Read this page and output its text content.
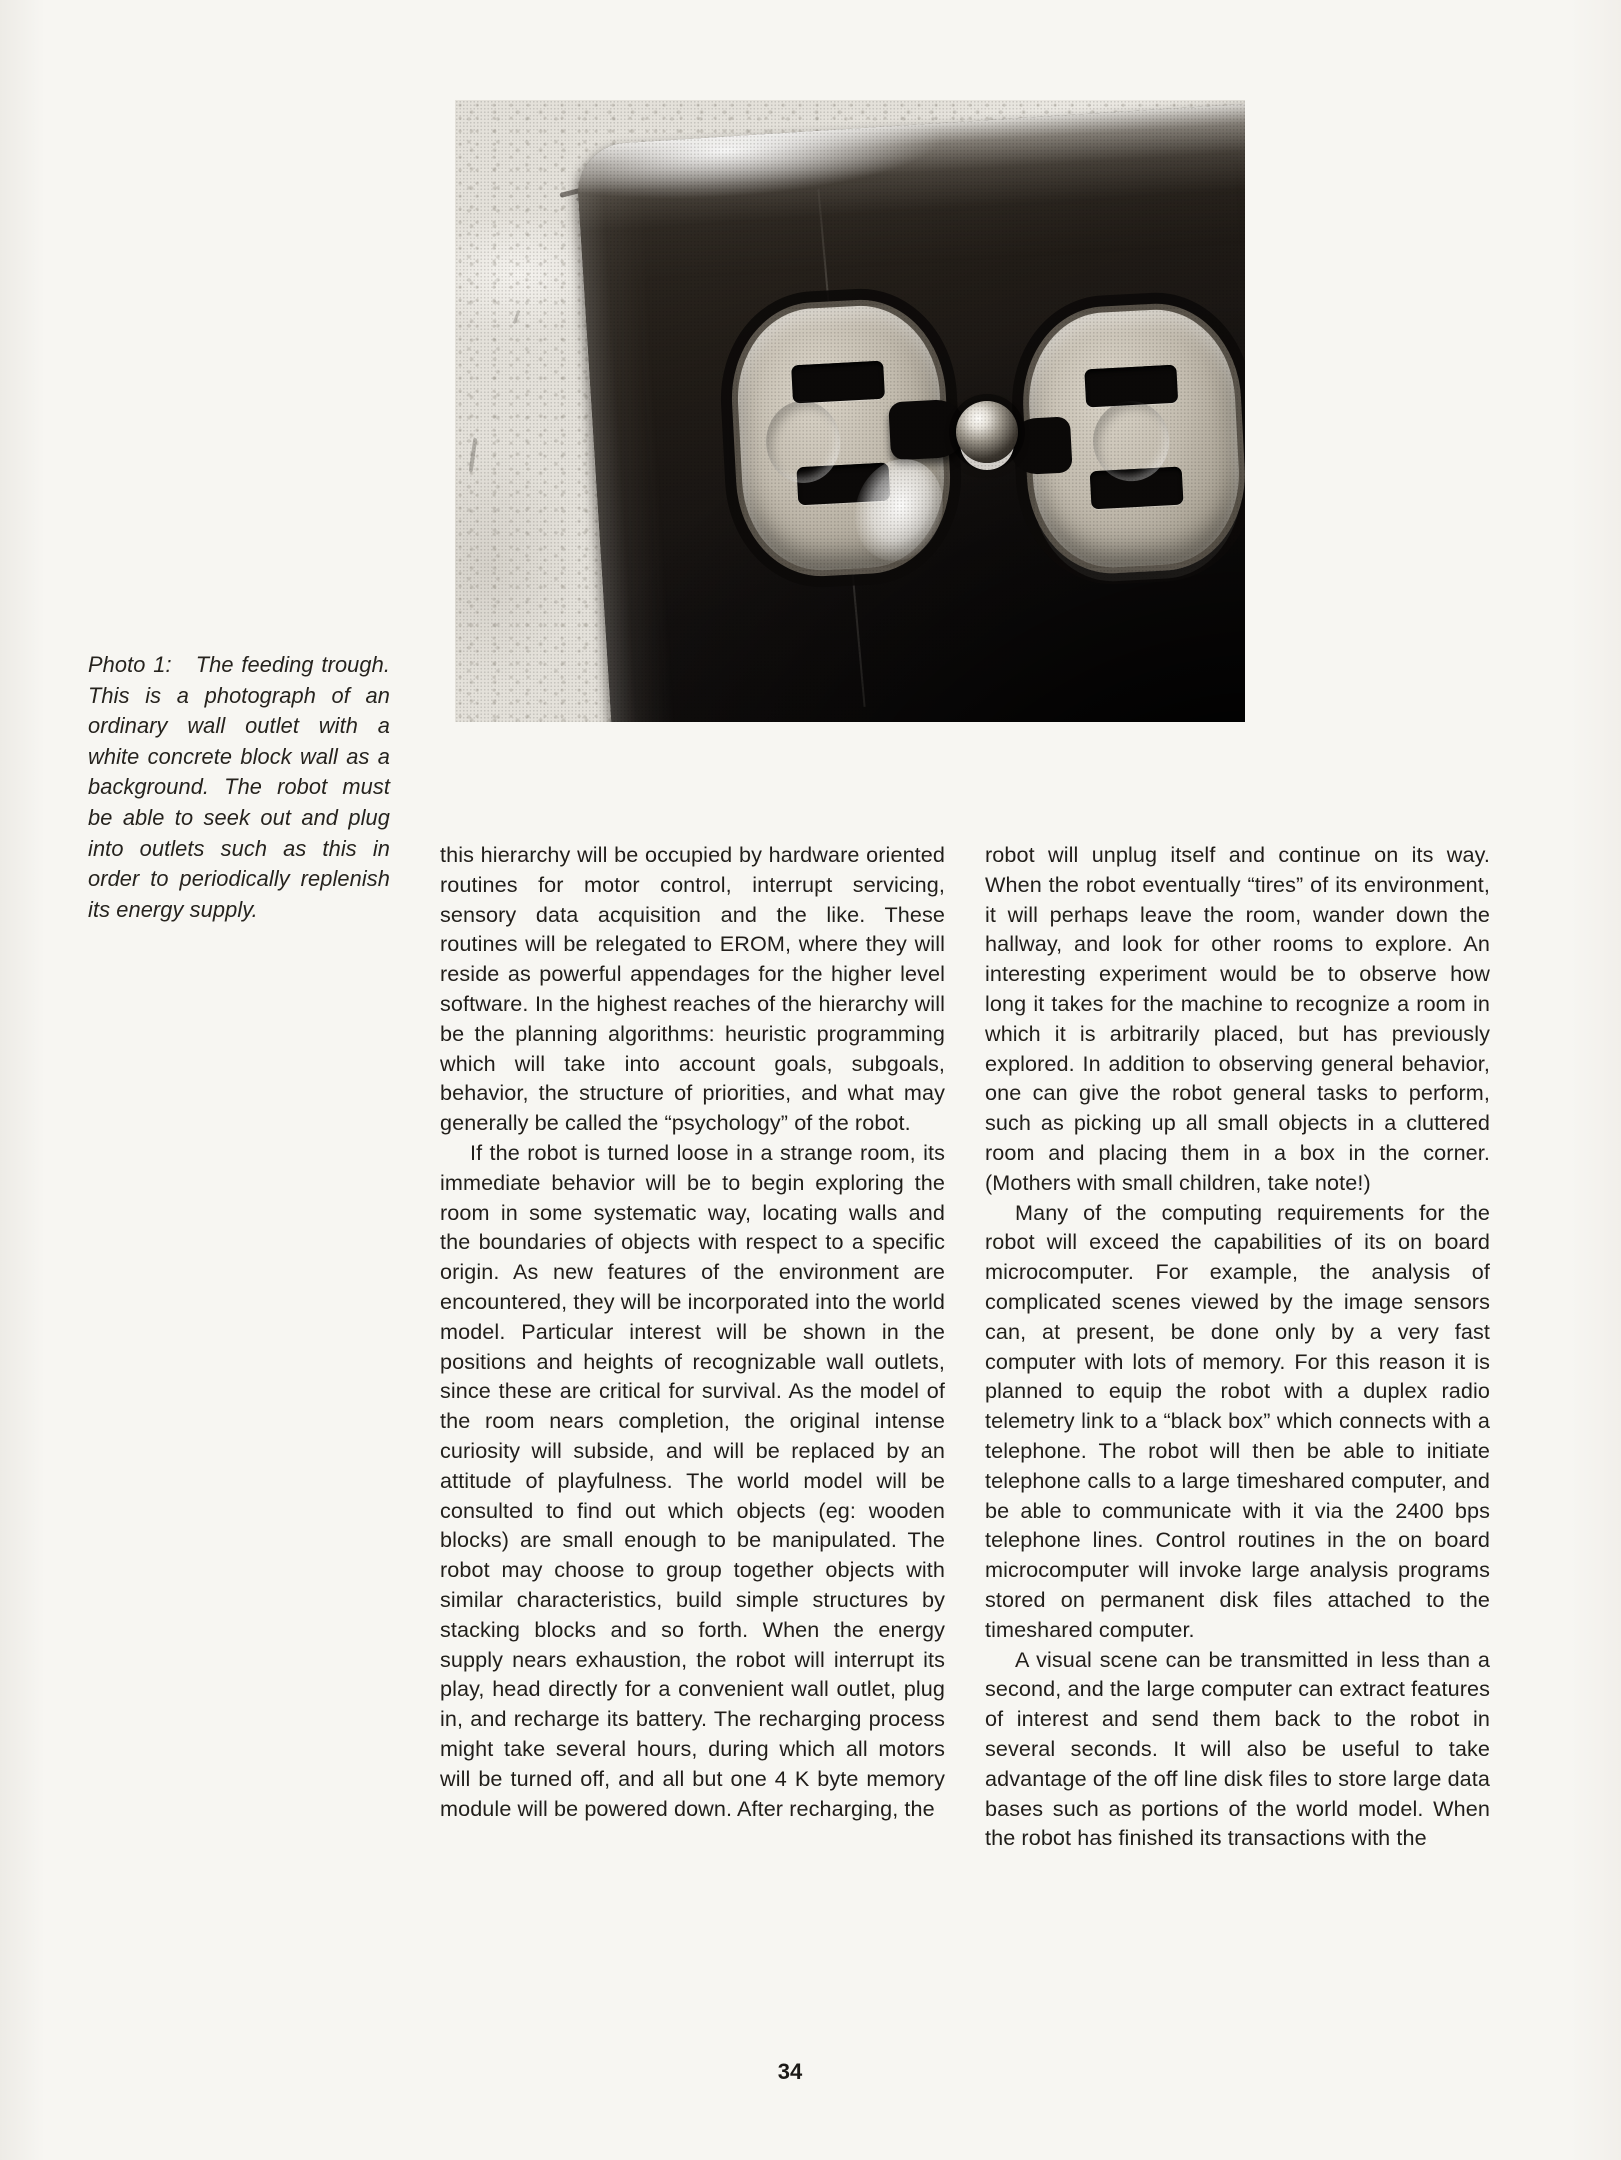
Photo 1: The feeding trough. This is a photograph of an ordinary wall outlet with a white concrete block wall as a background. The robot must be able to seek out and plug into outlets such as this in order to periodically replenish its energy supply.

this hierarchy will be occupied by hardware oriented routines for motor control, interrupt servicing, sensory data acquisition and the like. These routines will be relegated to EROM, where they will reside as powerful appendages for the higher level software. In the highest reaches of the hierarchy will be the planning algorithms: heuristic programming which will take into account goals, subgoals, behavior, the structure of priorities, and what may generally be called the “psychology” of the robot.

If the robot is turned loose in a strange room, its immediate behavior will be to begin exploring the room in some systematic way, locating walls and the boundaries of objects with respect to a specific origin. As new features of the environment are encountered, they will be incorporated into the world model. Particular interest will be shown in the positions and heights of recognizable wall outlets, since these are critical for survival. As the model of the room nears completion, the original intense curiosity will subside, and will be replaced by an attitude of playfulness. The world model will be consulted to find out which objects (eg: wooden blocks) are small enough to be manipulated. The robot may choose to group together objects with similar characteristics, build simple structures by stacking blocks and so forth. When the energy supply nears exhaustion, the robot will interrupt its play, head directly for a convenient wall outlet, plug in, and recharge its battery. The recharging process might take several hours, during which all motors will be turned off, and all but one 4 K byte memory module will be powered down. After recharging, the

robot will unplug itself and continue on its way. When the robot eventually “tires” of its environment, it will perhaps leave the room, wander down the hallway, and look for other rooms to explore. An interesting experiment would be to observe how long it takes for the machine to recognize a room in which it is arbitrarily placed, but has previously explored. In addition to observing general behavior, one can give the robot general tasks to perform, such as picking up all small objects in a cluttered room and placing them in a box in the corner. (Mothers with small children, take note!)

Many of the computing requirements for the robot will exceed the capabilities of its on board microcomputer. For example, the analysis of complicated scenes viewed by the image sensors can, at present, be done only by a very fast computer with lots of memory. For this reason it is planned to equip the robot with a duplex radio telemetry link to a “black box” which connects with a telephone. The robot will then be able to initiate telephone calls to a large timeshared computer, and be able to communicate with it via the 2400 bps telephone lines. Control routines in the on board microcomputer will invoke large analysis programs stored on permanent disk files attached to the timeshared computer.

A visual scene can be transmitted in less than a second, and the large computer can extract features of interest and send them back to the robot in several seconds. It will also be useful to take advantage of the off line disk files to store large data bases such as portions of the world model. When the robot has finished its transactions with the

34
